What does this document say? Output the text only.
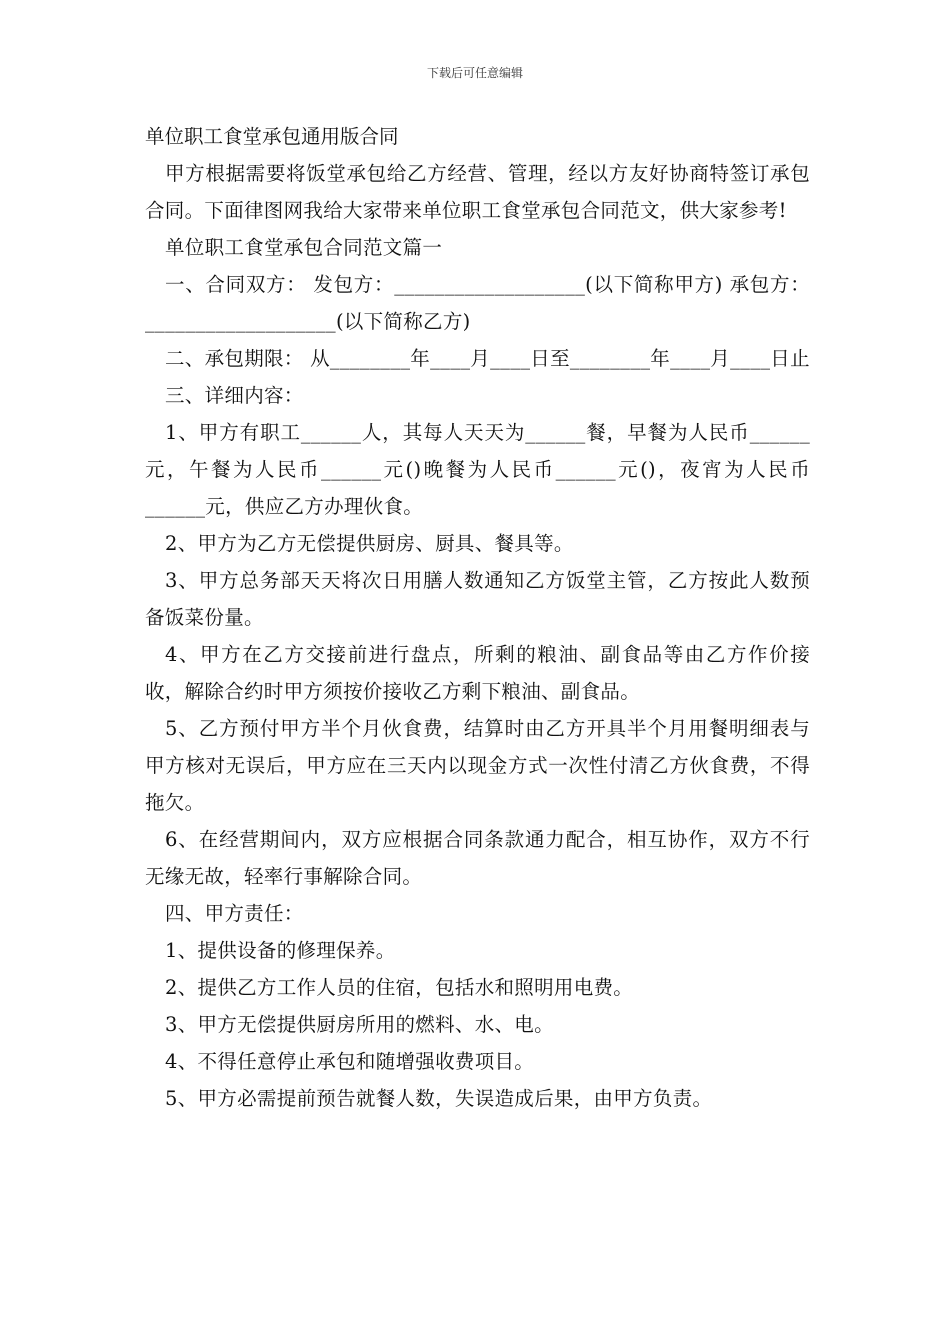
下载后可任意编辑
单位职工食堂承包通用版合同

甲方根据需要将饭堂承包给乙方经营、管理，经以方友好协商特签订承包合同。下面律图网我给大家带来单位职工食堂承包合同范文，供大家参考!

单位职工食堂承包合同范文篇一

一、合同双方： 发包方：___________________(以下简称甲方) 承包方：___________________(以下简称乙方)

二、承包期限： 从________年____月____日至________年____月____日止

三、详细内容：

1、甲方有职工______人，其每人天天为______餐，早餐为人民币______元，午餐为人民币______元()晚餐为人民币______元()，夜宵为人民币______元，供应乙方办理伙食。

2、甲方为乙方无偿提供厨房、厨具、餐具等。

3、甲方总务部天天将次日用膳人数通知乙方饭堂主管，乙方按此人数预备饭菜份量。

4、甲方在乙方交接前进行盘点，所剩的粮油、副食品等由乙方作价接收，解除合约时甲方须按价接收乙方剩下粮油、副食品。

5、乙方预付甲方半个月伙食费，结算时由乙方开具半个月用餐明细表与甲方核对无误后，甲方应在三天内以现金方式一次性付清乙方伙食费，不得拖欠。

6、在经营期间内，双方应根据合同条款通力配合，相互协作，双方不行无缘无故，轻率行事解除合同。

四、甲方责任：

1、提供设备的修理保养。

2、提供乙方工作人员的住宿，包括水和照明用电费。

3、甲方无偿提供厨房所用的燃料、水、电。

4、不得任意停止承包和随增强收费项目。

5、甲方必需提前预告就餐人数，失误造成后果，由甲方负责。
